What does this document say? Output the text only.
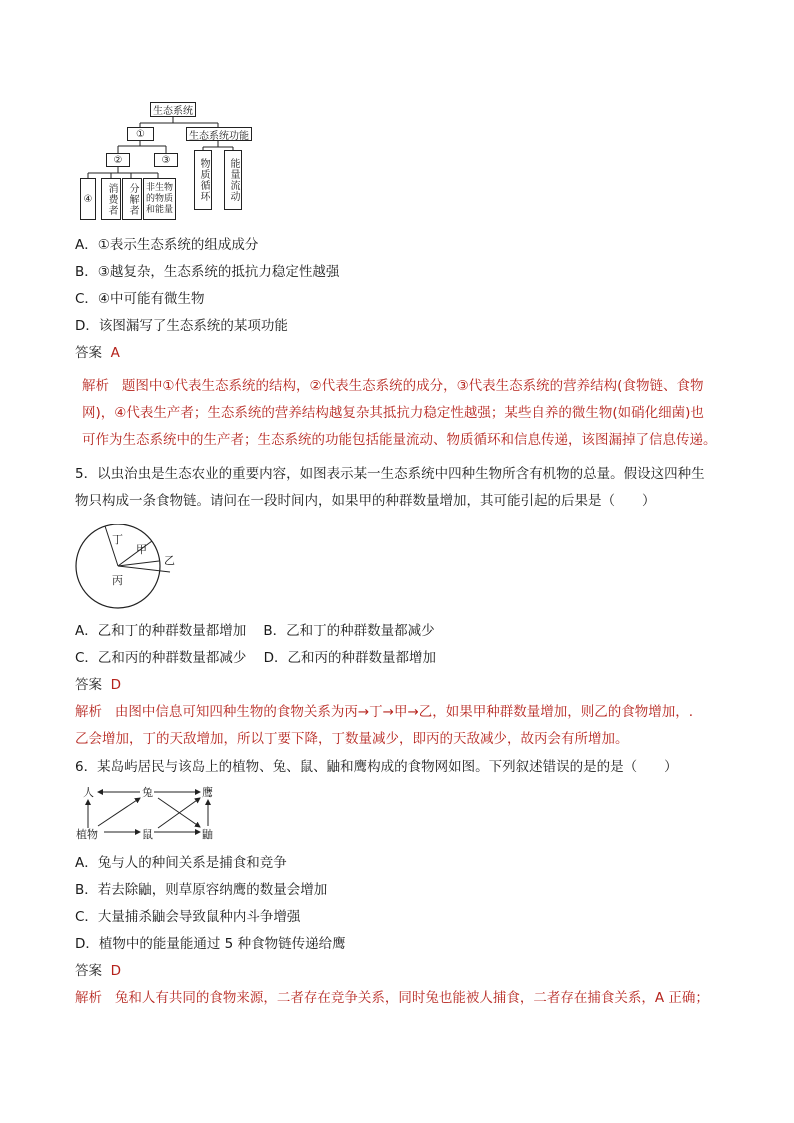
生态系统
①	生态系统功能
②	③
④	消费者 分解者 非生物的物质和能量
物质循环 能量流动
A．①表示生态系统的组成成分
B．③越复杂，生态系统的抵抗力稳定性越强
C．④中可能有微生物
D．该图漏写了生态系统的某项功能
答案 A
解析 题图中①代表生态系统的结构，②代表生态系统的成分，③代表生态系统的营养结构(食物链、食物
网)，④代表生产者；生态系统的营养结构越复杂其抵抗力稳定性越强；某些自养的微生物(如硝化细菌)也
可作为生态系统中的生产者；生态系统的功能包括能量流动、物质循环和信息传递，该图漏掉了信息传递。
5．以虫治虫是生态农业的重要内容，如图表示某一生态系统中四种生物所含有机物的总量。假设这四种生
物只构成一条食物链。请问在一段时间内，如果甲的种群数量增加，其可能引起的后果是（　　）
丁
甲
乙
丙
A．乙和丁的种群数量都增加 B．乙和丁的种群数量都减少
C．乙和丙的种群数量都减少 D．乙和丙的种群数量都增加
答案 D
解析 由图中信息可知四种生物的食物关系为丙→丁→甲→乙，如果甲种群数量增加，则乙的食物增加，.
乙会增加，丁的天敌增加，所以丁要下降，丁数量减少，即丙的天敌减少，故丙会有所增加。
6．某岛屿居民与该岛上的植物、兔、鼠、鼬和鹰构成的食物网如图。下列叙述错误的是的是（　　）
人	兔	鹰
植物	鼠	鼬
A．兔与人的种间关系是捕食和竞争
B．若去除鼬，则草原容纳鹰的数量会增加
C．大量捕杀鼬会导致鼠种内斗争增强
D．植物中的能量能通过 5 种食物链传递给鹰
答案 D
解析 兔和人有共同的食物来源，二者存在竞争关系，同时兔也能被人捕食，二者存在捕食关系，A 正确；
